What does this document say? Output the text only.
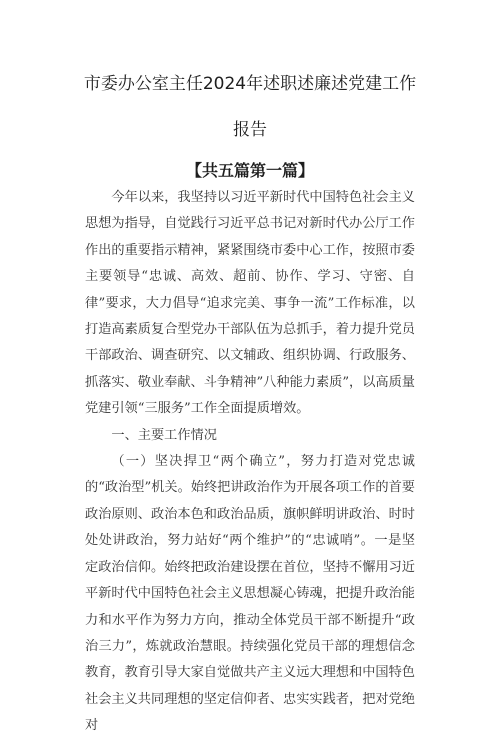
市委办公室主任2024年述职述廉述党建工作
报告
【共五篇第一篇】

今年以来，我坚持以习近平新时代中国特色社会主义思想为指导，自觉践行习近平总书记对新时代办公厅工作作出的重要指示精神，紧紧围绕市委中心工作，按照市委主要领导“忠诚、高效、超前、协作、学习、守密、自律”要求，大力倡导“追求完美、事争一流”工作标准，以打造高素质复合型党办干部队伍为总抓手，着力提升党员干部政治、调查研究、以文辅政、组织协调、行政服务、抓落实、敬业奉献、斗争精神”八种能力素质”，以高质量党建引领“三服务”工作全面提质增效。

一、主要工作情况

（一）坚决捍卫“两个确立”，努力打造对党忠诚的“政治型”机关。始终把讲政治作为开展各项工作的首要政治原则、政治本色和政治品质，旗帜鲜明讲政治、时时处处讲政治，努力站好“两个维护”的“忠诚哨”。一是坚定政治信仰。始终把政治建设摆在首位，坚持不懈用习近平新时代中国特色社会主义思想凝心铸魂，把提升政治能力和水平作为努力方向，推动全体党员干部不断提升“政治三力”，炼就政治慧眼。持续强化党员干部的理想信念教育，教育引导大家自觉做共产主义远大理想和中国特色社会主义共同理想的坚定信仰者、忠实实践者，把对党绝对
